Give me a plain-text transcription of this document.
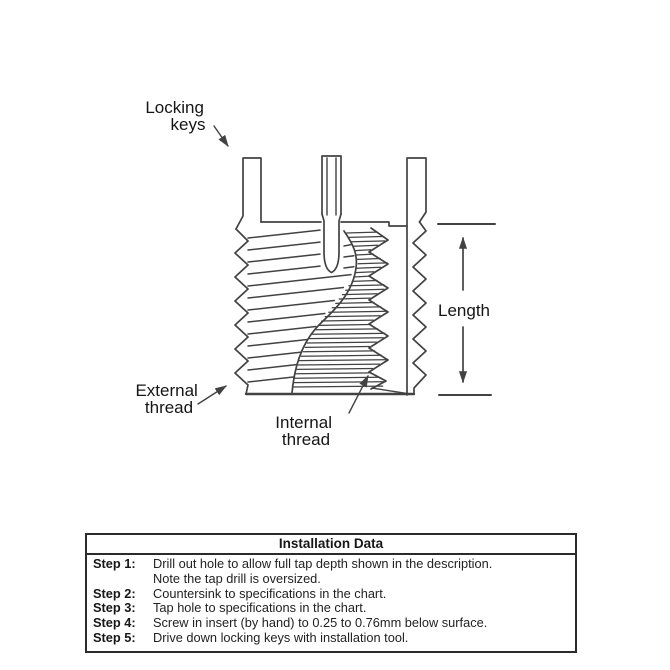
Locking keys
Length
External thread
Internal thread
Installation Data
Step 1:	Drill out hole to allow full tap depth shown in the description.
Note the tap drill is oversized.
Step 2:	Countersink to specifications in the chart.
Step 3:	Tap hole to specifications in the chart.
Step 4:	Screw in insert (by hand) to 0.25 to 0.76mm below surface.
Step 5:	Drive down locking keys with installation tool.
